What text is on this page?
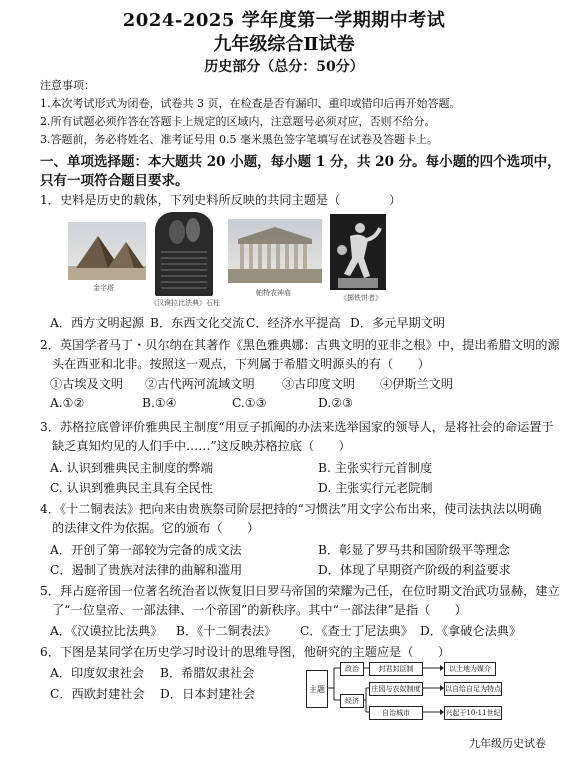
2024-2025 学年度第一学期期中考试
九年级综合Ⅱ试卷
历史部分（总分：50分）
注意事项：
1.本次考试形式为闭卷，试卷共 3 页，在检查是否有漏印、重印或错印后再开始答题。
2.所有试题必须作答在答题卡上规定的区域内，注意题号必须对应，否则不给分。
3.答题前，务必将姓名、准考证号用 0.5 毫米黑色签字笔填写在试卷及答题卡上。
一、单项选择题：本大题共 20 小题，每小题 1 分，共 20 分。每小题的四个选项中，
只有一项符合题目要求。
1．史料是历史的载体，下列史料所反映的共同主题是（　　　　）
金字塔
《汉谟拉比法典》石柱
帕特农神庙
《掷铁饼者》
A．西方文明起源 B．东西文化交流 C．经济水平提高 D．多元早期文明
2．英国学者马丁・贝尔纳在其著作《黑色雅典娜：古典文明的亚非之根》中，提出希腊文明的源
头在西亚和北非。按照这一观点，下列属于希腊文明源头的有（　　）
①古埃及文明 ②古代两河流域文明 ③古印度文明 ④伊斯兰文明
A.①②	B.①④	C.①③	D.②③
3．苏格拉底曾评价雅典民主制度“用豆子抓阄的办法来选举国家的领导人，是将社会的命运置于
缺乏真知灼见的人们手中……”这反映苏格拉底（　　）
A. 认识到雅典民主制度的弊端	B. 主张实行元首制度
C. 认识到雅典民主具有全民性	D. 主张实行元老院制
4．《十二铜表法》把向来由贵族祭司阶层把持的“习惯法”用文字公布出来，使司法执法以明确
的法律文件为依据。它的颁布（　　）
A．开创了第一部较为完备的成文法	B．彰显了罗马共和国阶级平等理念
C．遏制了贵族对法律的曲解和滥用	D．体现了早期资产阶级的利益要求
5．拜占庭帝国一位著名统治者以恢复旧日罗马帝国的荣耀为己任，在位时期文治武功显赫，建立
了“一位皇帝、一部法律、一个帝国”的新秩序。其中“一部法律”是指（　　）
A．《汉谟拉比法典》 B．《十二铜表法》 C．《查士丁尼法典》 D．《拿破仑法典》
6．下图是某同学在历史学习时设计的思维导图，他研究的主题应是（　　）
A．印度奴隶社会 B．希腊奴隶社会
C．西欧封建社会 D．日本封建社会	主题
政治
经济
封君封臣制
庄园与农奴制度
自治城市
以土地为媒介
以自给自足为特点
兴起于10-11世纪
九年级历史试卷
